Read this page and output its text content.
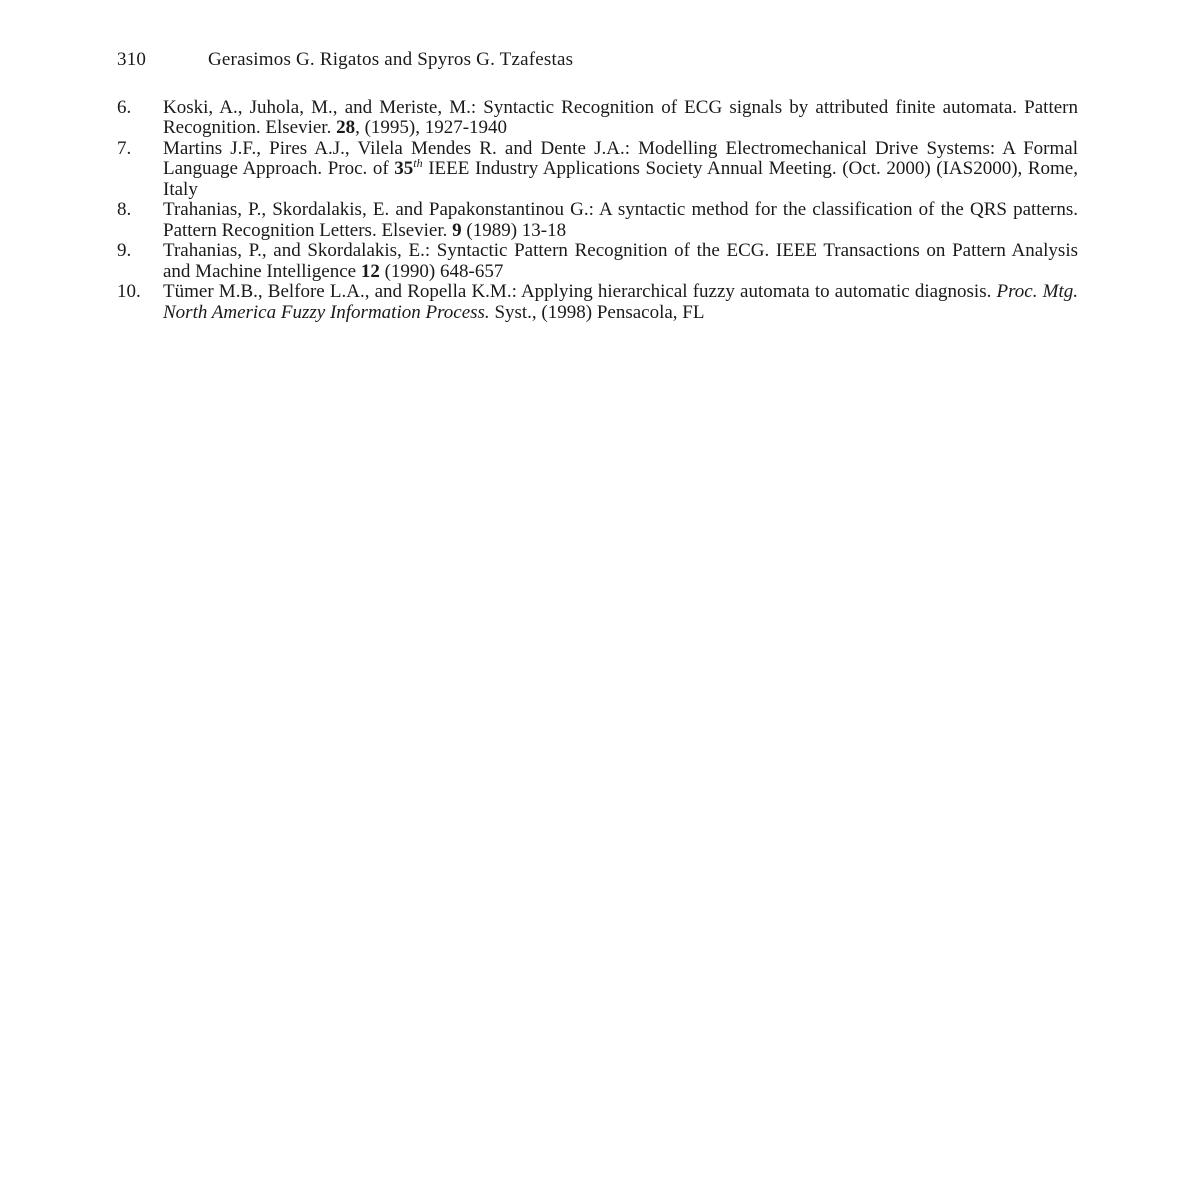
310	Gerasimos G. Rigatos and Spyros G. Tzafestas
6.	Koski, A., Juhola, M., and Meriste, M.: Syntactic Recognition of ECG signals by attributed finite automata. Pattern Recognition. Elsevier. 28, (1995), 1927-1940
7.	Martins J.F., Pires A.J., Vilela Mendes R. and Dente J.A.: Modelling Electromechanical Drive Systems: A Formal Language Approach. Proc. of 35th IEEE Industry Applications Society Annual Meeting. (Oct. 2000) (IAS2000), Rome, Italy
8.	Trahanias, P., Skordalakis, E. and Papakonstantinou G.: A syntactic method for the classification of the QRS patterns. Pattern Recognition Letters. Elsevier. 9 (1989) 13-18
9.	Trahanias, P., and Skordalakis, E.: Syntactic Pattern Recognition of the ECG. IEEE Transactions on Pattern Analysis and Machine Intelligence 12 (1990) 648-657
10.	Tümer M.B., Belfore L.A., and Ropella K.M.: Applying hierarchical fuzzy automata to automatic diagnosis. Proc. Mtg. North America Fuzzy Information Process. Syst., (1998) Pensacola, FL
